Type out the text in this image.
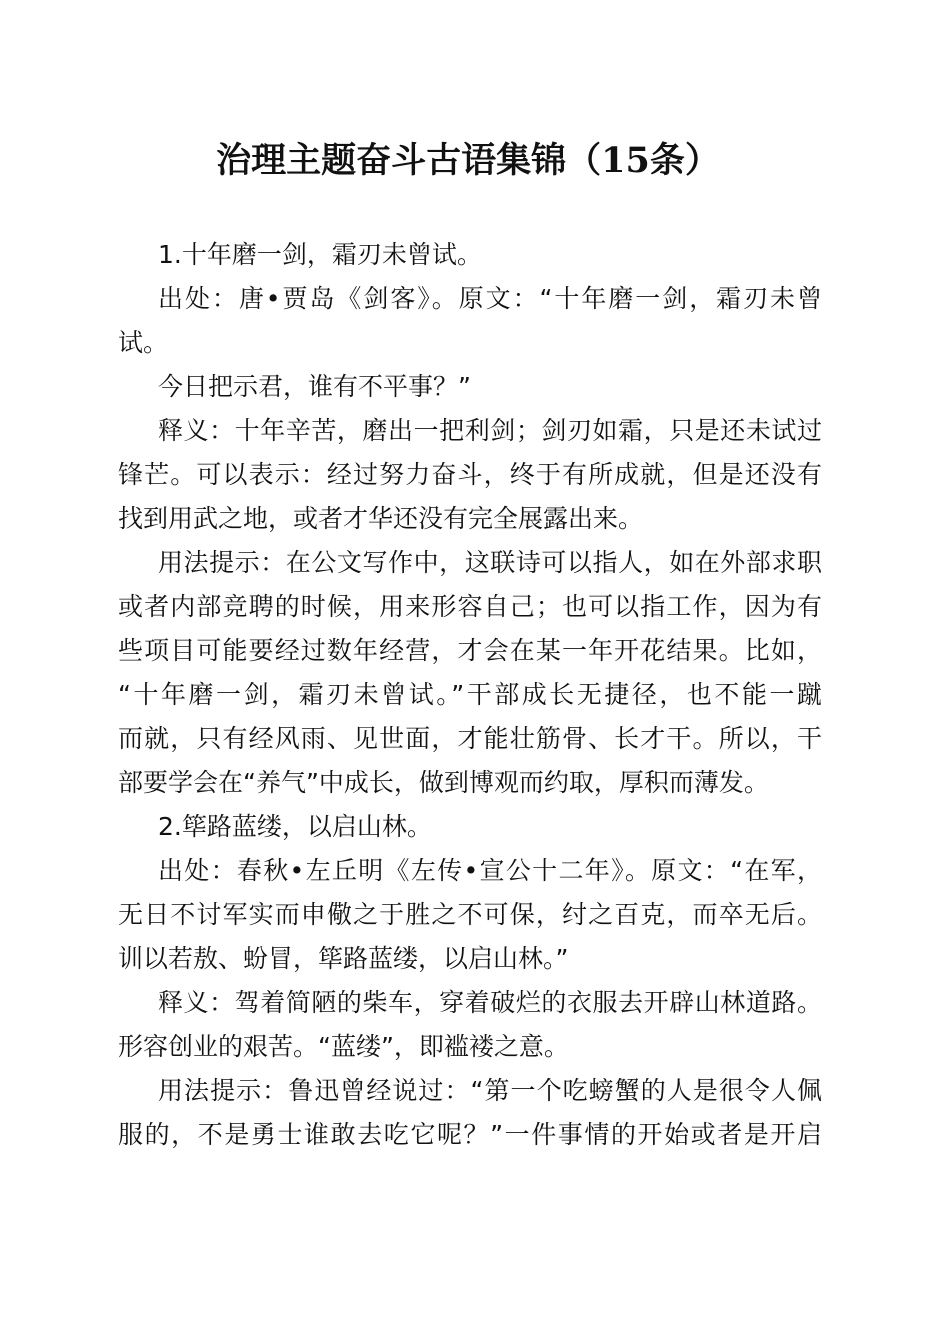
治理主题奋斗古语集锦（15条）
1.十年磨一剑，霜刃未曾试。
出处：唐•贾岛《剑客》。原文：“十年磨一剑，霜刃未曾
试。
今日把示君，谁有不平事？”
释义：十年辛苦，磨出一把利剑；剑刃如霜，只是还未试过
锋芒。可以表示：经过努力奋斗，终于有所成就，但是还没有
找到用武之地，或者才华还没有完全展露出来。
用法提示：在公文写作中，这联诗可以指人，如在外部求职
或者内部竞聘的时候，用来形容自己；也可以指工作，因为有
些项目可能要经过数年经营，才会在某一年开花结果。比如，
“十年磨一剑，霜刃未曾试。”干部成长无捷径，也不能一蹴
而就，只有经风雨、见世面，才能壮筋骨、长才干。所以，干
部要学会在“养气”中成长，做到博观而约取，厚积而薄发。
2.筚路蓝缕，以启山林。
出处：春秋•左丘明《左传•宣公十二年》。原文：“在军，
无日不讨军实而申儆之于胜之不可保，纣之百克，而卒无后。
训以若敖、蚡冒，筚路蓝缕，以启山林。”
释义：驾着简陋的柴车，穿着破烂的衣服去开辟山林道路。
形容创业的艰苦。“蓝缕”，即褴褛之意。
用法提示：鲁迅曾经说过：“第一个吃螃蟹的人是很令人佩
服的，不是勇士谁敢去吃它呢？”一件事情的开始或者是开启
